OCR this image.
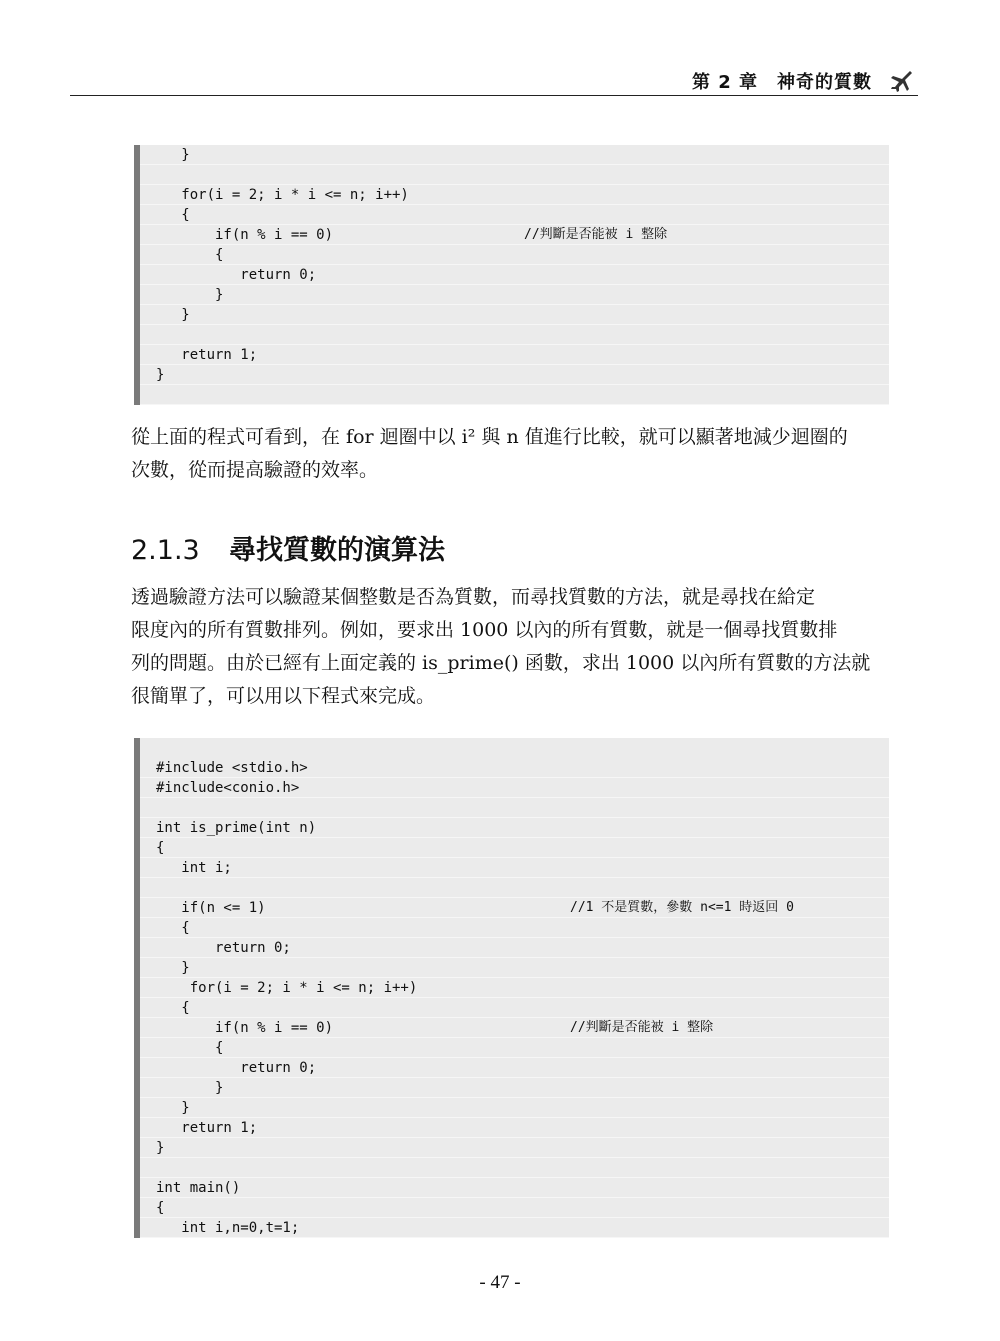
第 2 章　神奇的質數
}
for(i = 2; i * i <= n; i++)
{
if(n % i == 0)	//判斷是否能被 i 整除
{
return 0;
}
}
return 1;
}
從上面的程式可看到，在 for 迴圈中以 i² 與 n 值進行比較，就可以顯著地減少迴圈的
次數，從而提高驗證的效率。
2.1.3 尋找質數的演算法
透過驗證方法可以驗證某個整數是否為質數，而尋找質數的方法，就是尋找在給定
限度內的所有質數排列。例如，要求出 1000 以內的所有質數，就是一個尋找質數排
列的問題。由於已經有上面定義的 is_prime() 函數，求出 1000 以內所有質數的方法就
很簡單了，可以用以下程式來完成。
#include <stdio.h>
#include<conio.h>
int is_prime(int n)
{
int i;
if(n <= 1)	//1 不是質數，參數 n<=1 時返回 0
{
return 0;
}
for(i = 2; i * i <= n; i++)
{
if(n % i == 0)	//判斷是否能被 i 整除
{
return 0;
}
}
return 1;
}
int main()
{
int i,n=0,t=1;
- 47 -
